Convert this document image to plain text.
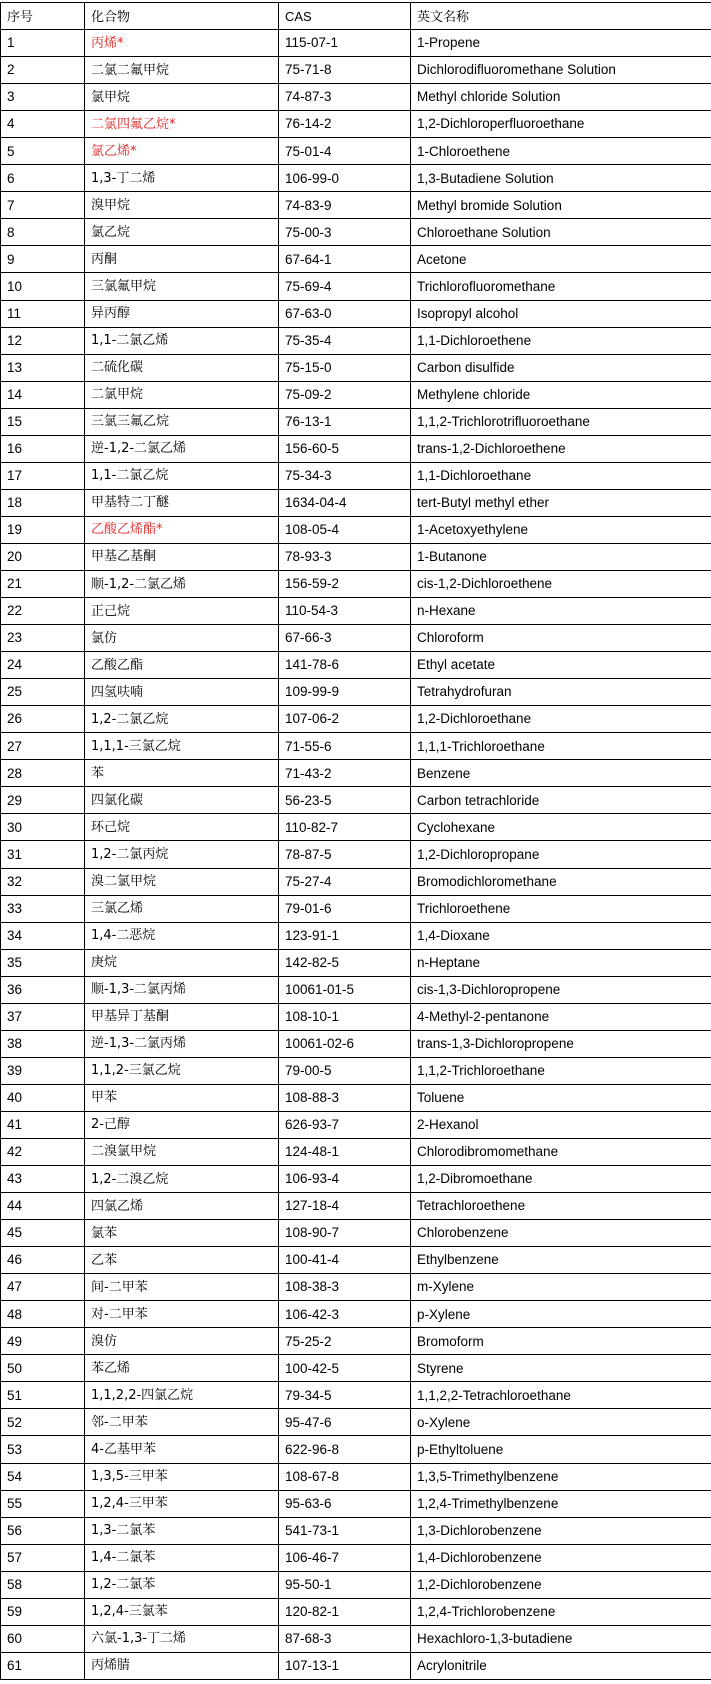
序号	化合物	CAS	英文名称
1	丙烯*	115-07-1	1-Propene
2	二氯二氟甲烷	75-71-8	Dichlorodifluoromethane Solution
3	氯甲烷	74-87-3	Methyl chloride Solution
4	二氯四氟乙烷*	76-14-2	1,2-Dichloroperfluoroethane
5	氯乙烯*	75-01-4	1-Chloroethene
6	1,3-丁二烯	106-99-0	1,3-Butadiene Solution
7	溴甲烷	74-83-9	Methyl bromide Solution
8	氯乙烷	75-00-3	Chloroethane Solution
9	丙酮	67-64-1	Acetone
10	三氯氟甲烷	75-69-4	Trichlorofluoromethane
11	异丙醇	67-63-0	Isopropyl alcohol
12	1,1-二氯乙烯	75-35-4	1,1-Dichloroethene
13	二硫化碳	75-15-0	Carbon disulfide
14	二氯甲烷	75-09-2	Methylene chloride
15	三氯三氟乙烷	76-13-1	1,1,2-Trichlorotrifluoroethane
16	逆-1,2-二氯乙烯	156-60-5	trans-1,2-Dichloroethene
17	1,1-二氯乙烷	75-34-3	1,1-Dichloroethane
18	甲基特二丁醚	1634-04-4	tert-Butyl methyl ether
19	乙酸乙烯酯*	108-05-4	1-Acetoxyethylene
20	甲基乙基酮	78-93-3	1-Butanone
21	顺-1,2-二氯乙烯	156-59-2	cis-1,2-Dichloroethene
22	正己烷	110-54-3	n-Hexane
23	氯仿	67-66-3	Chloroform
24	乙酸乙酯	141-78-6	Ethyl acetate
25	四氢呋喃	109-99-9	Tetrahydrofuran
26	1,2-二氯乙烷	107-06-2	1,2-Dichloroethane
27	1,1,1-三氯乙烷	71-55-6	1,1,1-Trichloroethane
28	苯	71-43-2	Benzene
29	四氯化碳	56-23-5	Carbon tetrachloride
30	环己烷	110-82-7	Cyclohexane
31	1,2-二氯丙烷	78-87-5	1,2-Dichloropropane
32	溴二氯甲烷	75-27-4	Bromodichloromethane
33	三氯乙烯	79-01-6	Trichloroethene
34	1,4-二恶烷	123-91-1	1,4-Dioxane
35	庚烷	142-82-5	n-Heptane
36	顺-1,3-二氯丙烯	10061-01-5	cis-1,3-Dichloropropene
37	甲基异丁基酮	108-10-1	4-Methyl-2-pentanone
38	逆-1,3-二氯丙烯	10061-02-6	trans-1,3-Dichloropropene
39	1,1,2-三氯乙烷	79-00-5	1,1,2-Trichloroethane
40	甲苯	108-88-3	Toluene
41	2-己醇	626-93-7	2-Hexanol
42	二溴氯甲烷	124-48-1	Chlorodibromomethane
43	1,2-二溴乙烷	106-93-4	1,2-Dibromoethane
44	四氯乙烯	127-18-4	Tetrachloroethene
45	氯苯	108-90-7	Chlorobenzene
46	乙苯	100-41-4	Ethylbenzene
47	间-二甲苯	108-38-3	m-Xylene
48	对-二甲苯	106-42-3	p-Xylene
49	溴仿	75-25-2	Bromoform
50	苯乙烯	100-42-5	Styrene
51	1,1,2,2-四氯乙烷	79-34-5	1,1,2,2-Tetrachloroethane
52	邻-二甲苯	95-47-6	o-Xylene
53	4-乙基甲苯	622-96-8	p-Ethyltoluene
54	1,3,5-三甲苯	108-67-8	1,3,5-Trimethylbenzene
55	1,2,4-三甲苯	95-63-6	1,2,4-Trimethylbenzene
56	1,3-二氯苯	541-73-1	1,3-Dichlorobenzene
57	1,4-二氯苯	106-46-7	1,4-Dichlorobenzene
58	1,2-二氯苯	95-50-1	1,2-Dichlorobenzene
59	1,2,4-三氯苯	120-82-1	1,2,4-Trichlorobenzene
60	六氯-1,3-丁二烯	87-68-3	Hexachloro-1,3-butadiene
61	丙烯腈	107-13-1	Acrylonitrile
